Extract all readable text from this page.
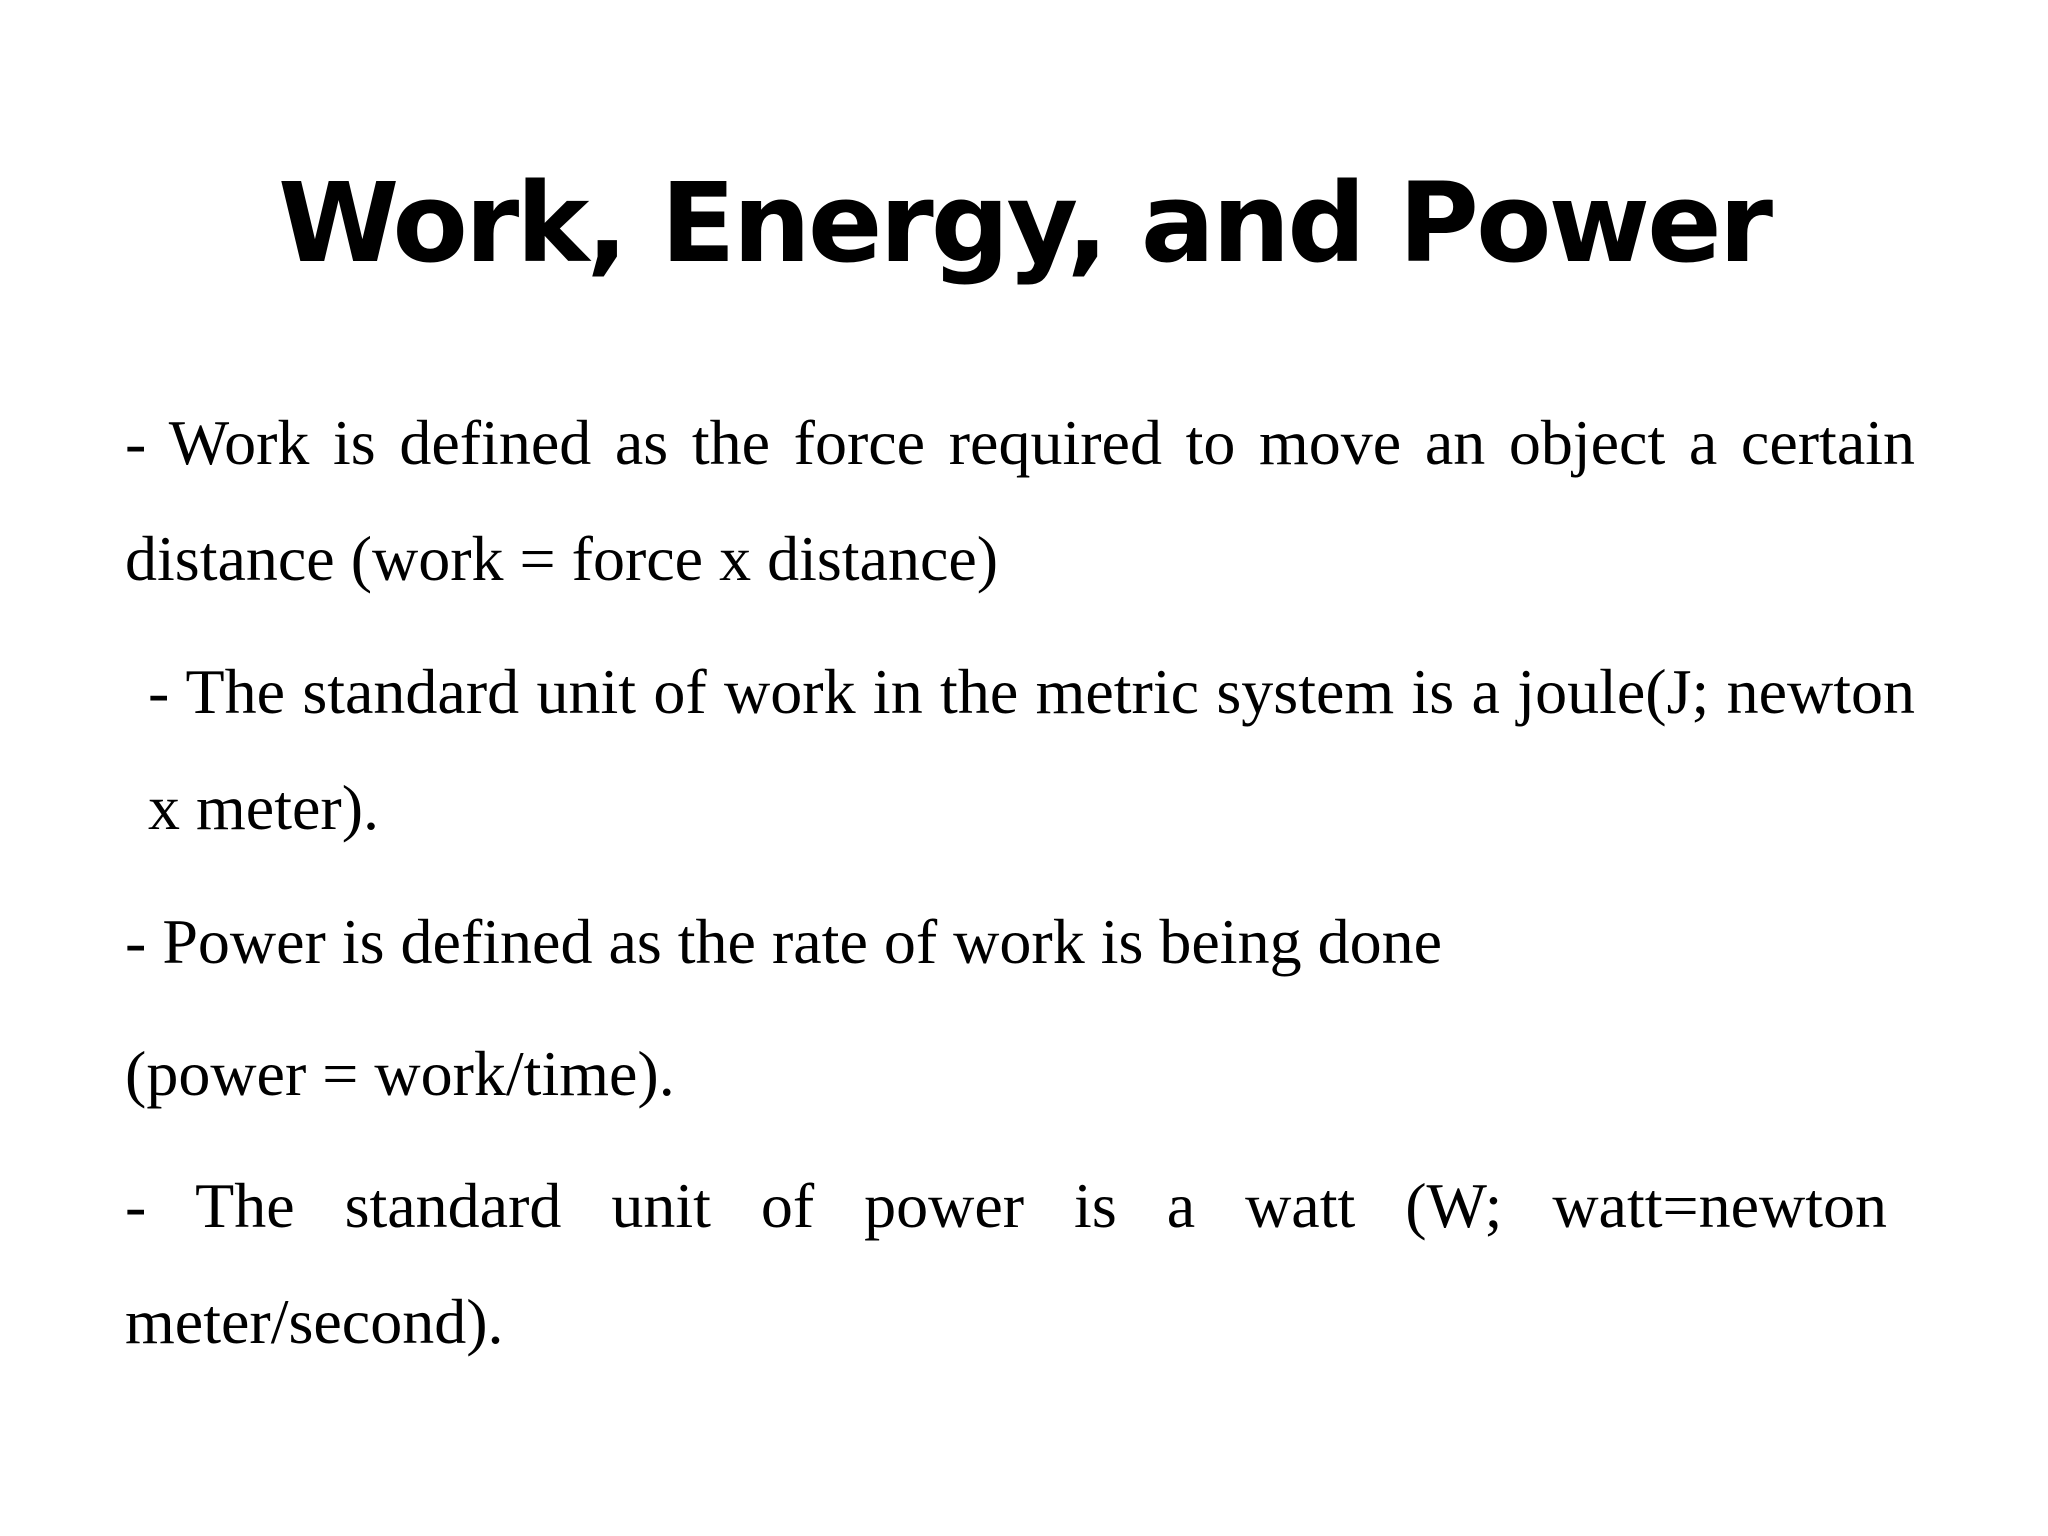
Work, Energy, and Power

- Work is defined as the force required to move an object a certain distance (work = force x distance)

- The standard unit of work in the metric system is a joule(J; newton x meter).

- Power is defined as the rate of work is being done

(power = work/time).

- The standard unit of power is a watt (W; watt=newton meter/second).
